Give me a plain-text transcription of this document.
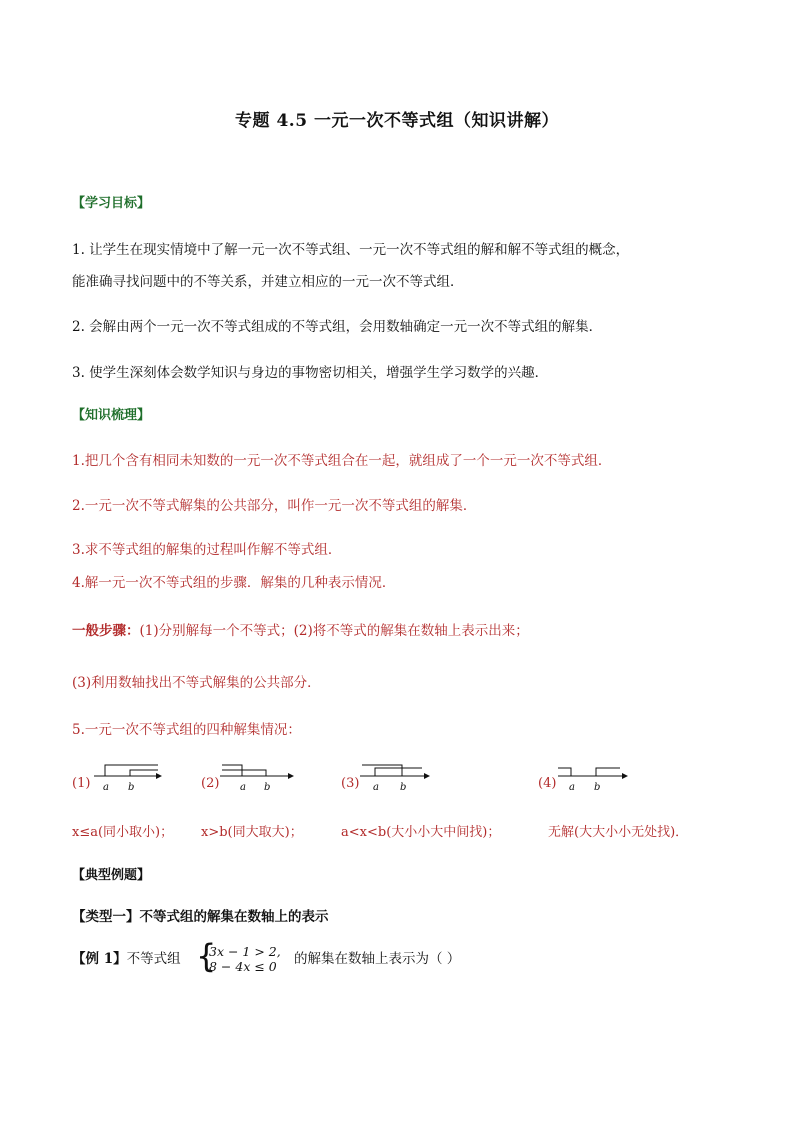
专题 4.5 一元一次不等式组（知识讲解）
【学习目标】
1. 让学生在现实情境中了解一元一次不等式组、一元一次不等式组的解和解不等式组的概念，
能准确寻找问题中的不等关系，并建立相应的一元一次不等式组．
2. 会解由两个一元一次不等式组成的不等式组，会用数轴确定一元一次不等式组的解集．
3. 使学生深刻体会数学知识与身边的事物密切相关，增强学生学习数学的兴趣．
【知识梳理】
1.把几个含有相同未知数的一元一次不等式组合在一起，就组成了一个一元一次不等式组．
2.一元一次不等式解集的公共部分，叫作一元一次不等式组的解集．
3.求不等式组的解集的过程叫作解不等式组．
4.解一元一次不等式组的步骤．解集的几种表示情况．
一般步骤：(1)分别解每一个不等式；(2)将不等式的解集在数轴上表示出来；
(3)利用数轴找出不等式解集的公共部分．
5.一元一次不等式组的四种解集情况：
(1) a b	(2) a b	(3) a b	(4) a b
x≤a(同小取小)； x>b(同大取大)；	a<x<b(大小小大中间找)；	无解(大大小小无处找)．
【典型例题】
【类型一】不等式组的解集在数轴上的表示
【例 1】不等式组 {
3x − 1 > 2,
8 − 4x ≤ 0 的解集在数轴上表示为（ ）
